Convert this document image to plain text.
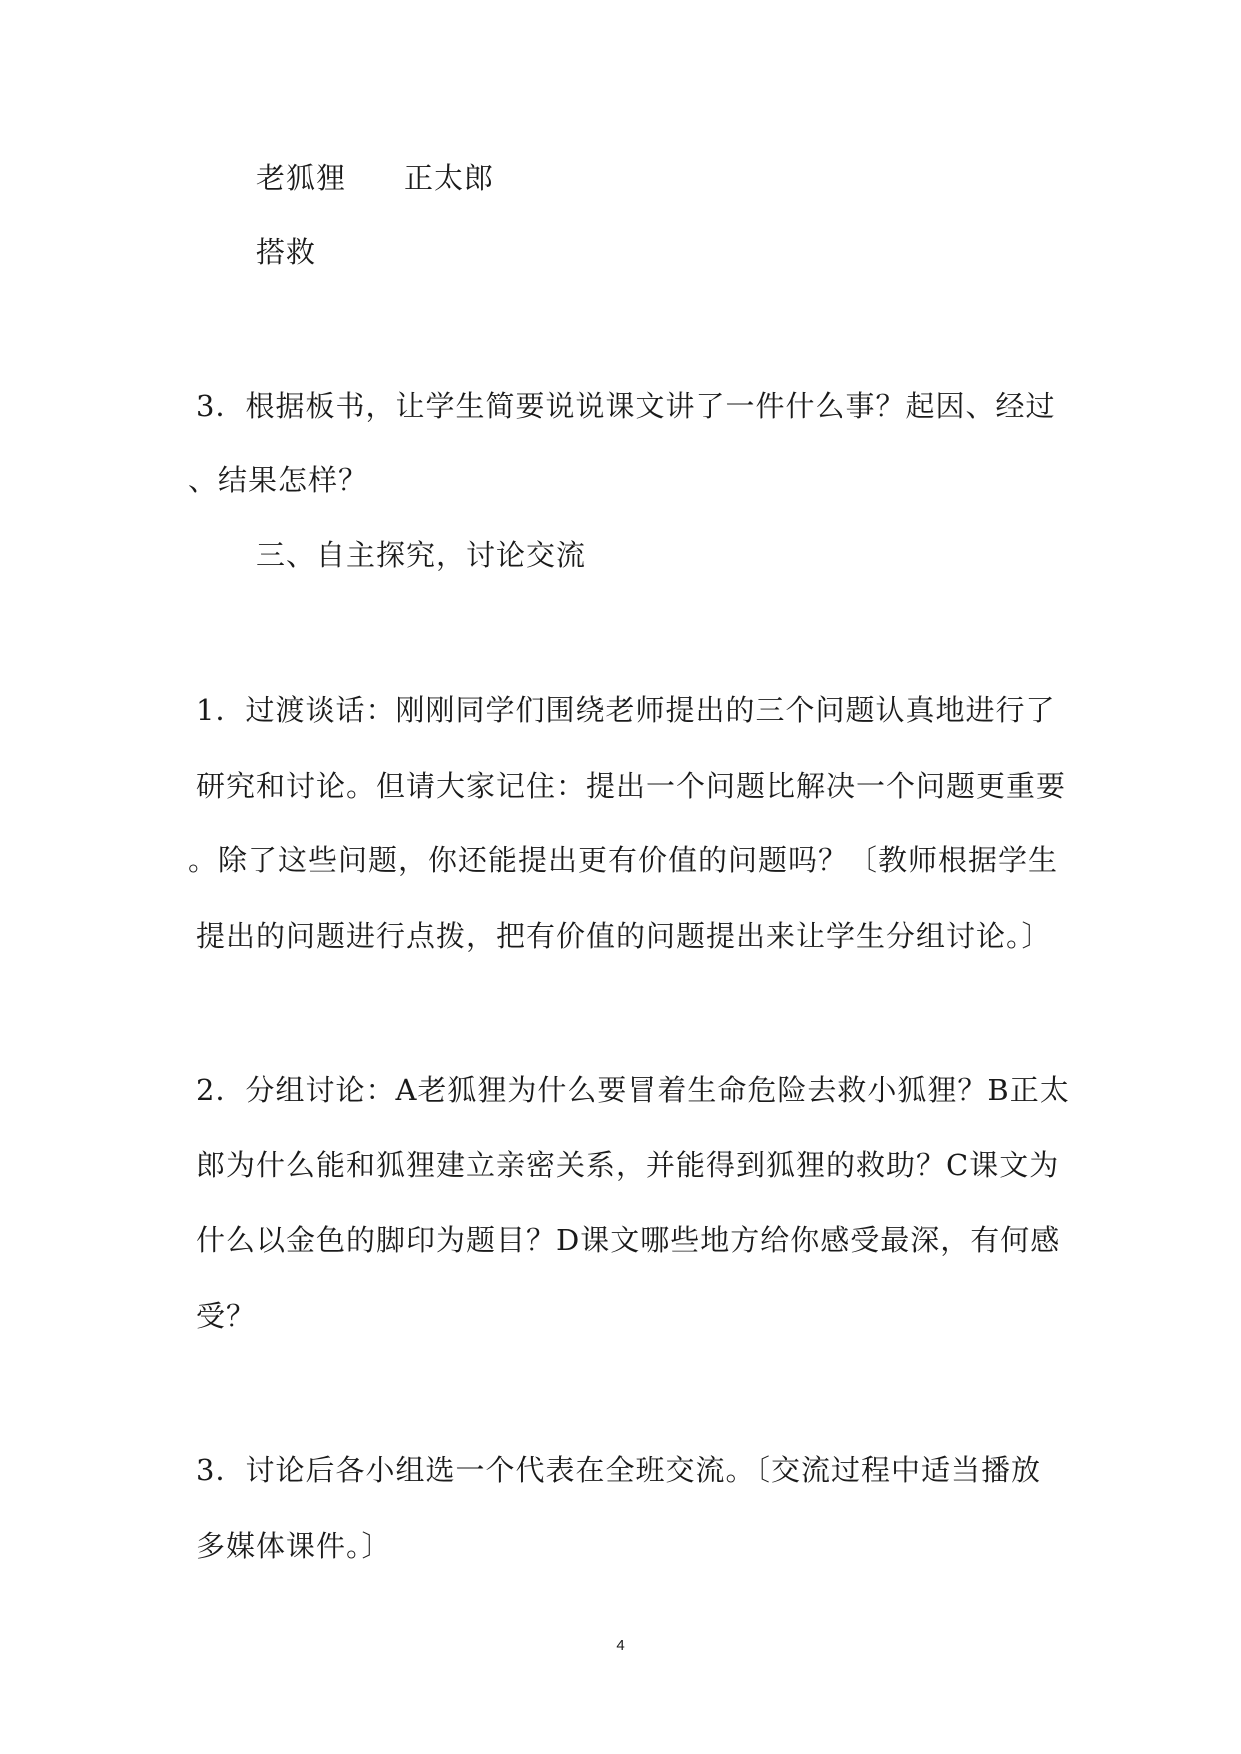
老狐狸 正太郎
搭救
3．根据板书，让学生简要说说课文讲了一件什么事？起因、经过
、结果怎样？
三、自主探究，讨论交流
1．过渡谈话：刚刚同学们围绕老师提出的三个问题认真地进行了
研究和讨论。但请大家记住：提出一个问题比解决一个问题更重要
。除了这些问题，你还能提出更有价值的问题吗？〔教师根据学生
提出的问题进行点拨，把有价值的问题提出来让学生分组讨论。〕
2．分组讨论：A老狐狸为什么要冒着生命危险去救小狐狸？B正太
郎为什么能和狐狸建立亲密关系，并能得到狐狸的救助？C课文为
什么以金色的脚印为题目？D课文哪些地方给你感受最深，有何感
受？
3．讨论后各小组选一个代表在全班交流。〔交流过程中适当播放
多媒体课件。〕
4
